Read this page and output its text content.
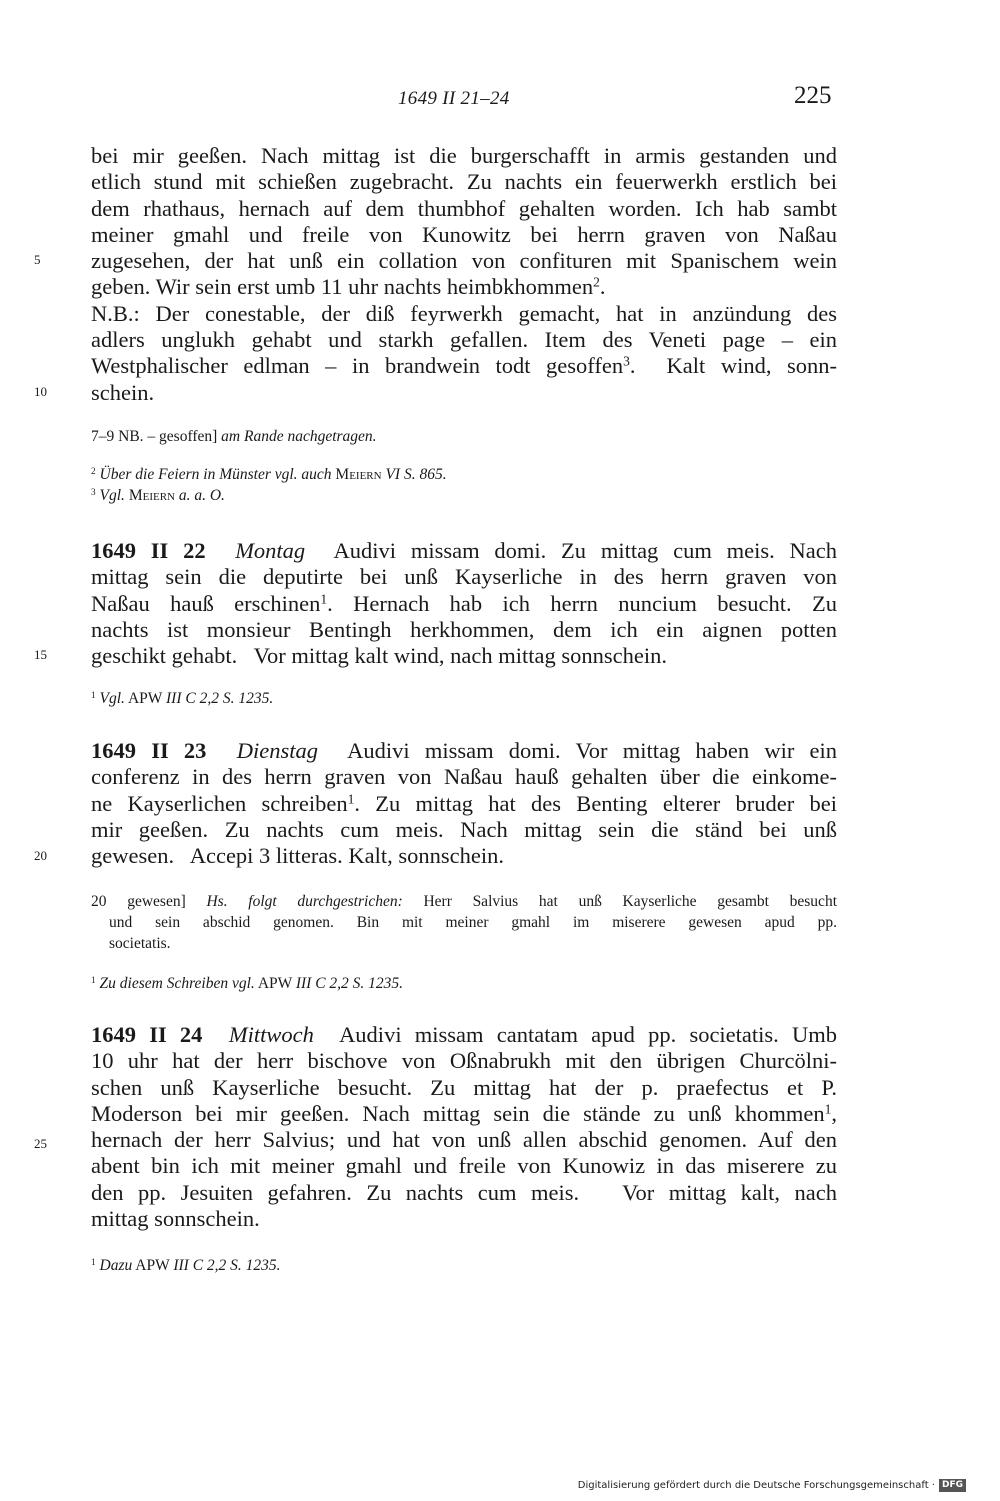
1649 II 21–24	225
bei mir geeßen. Nach mittag ist die burgerschafft in armis gestanden und
etlich stund mit schießen zugebracht. Zu nachts ein feuerwerkh erstlich bei
dem rhathaus, hernach auf dem thumbhof gehalten worden. Ich hab sambt
meiner gmahl und freile von Kunowitz bei herrn graven von Naßau
zugesehen, der hat unß ein collation von confituren mit Spanischem wein
geben. Wir sein erst umb 11 uhr nachts heimbkhommen$^2$.
N.B.: Der conestable, der diß feyrwerkh gemacht, hat in anzündung des
adlers unglukh gehabt und starkh gefallen. Item des Veneti page – ein
Westphalischer edlman – in brandwein todt gesoffen$^3$.  Kalt wind, sonn-
schein.
5
10
7–9 NB. – gesoffen] am Rande nachgetragen.
$^2$ Über die Feiern in Münster vgl. auch Meiern VI S. 865.
$^3$ Vgl. Meiern a. a. O.
1649 II 22 Montag Audivi missam domi. Zu mittag cum meis. Nach
mittag sein die deputirte bei unß Kayserliche in des herrn graven von
Naßau hauß erschinen$^1$. Hernach hab ich herrn nuncium besucht. Zu
nachts ist monsieur Bentingh herkhommen, dem ich ein aignen potten
geschikt gehabt.   Vor mittag kalt wind, nach mittag sonnschein.
15
$^1$ Vgl. APW III C 2,2 S. 1235.
1649 II 23 Dienstag Audivi missam domi. Vor mittag haben wir ein
conferenz in des herrn graven von Naßau hauß gehalten über die einkome-
ne Kayserlichen schreiben$^1$. Zu mittag hat des Benting elterer bruder bei
mir geeßen. Zu nachts cum meis. Nach mittag sein die ständ bei unß
gewesen.   Accepi 3 litteras. Kalt, sonnschein.
20
20 gewesen] Hs. folgt durchgestrichen: Herr Salvius hat unß Kayserliche gesambt besucht
und sein abschid genomen. Bin mit meiner gmahl im miserere gewesen apud pp.
societatis.
$^1$ Zu diesem Schreiben vgl. APW III C 2,2 S. 1235.
1649 II 24 Mittwoch Audivi missam cantatam apud pp. societatis. Umb
10 uhr hat der herr bischove von Oßnabrukh mit den übrigen Churcölni-
schen unß Kayserliche besucht. Zu mittag hat der p. praefectus et P.
Moderson bei mir geeßen. Nach mittag sein die stände zu unß khommen$^1$,
hernach der herr Salvius; und hat von unß allen abschid genomen. Auf den
abent bin ich mit meiner gmahl und freile von Kunowiz in das miserere zu
den pp. Jesuiten gefahren. Zu nachts cum meis.   Vor mittag kalt, nach
mittag sonnschein.
25
$^1$ Dazu APW III C 2,2 S. 1235.
Digitalisierung gefördert durch die Deutsche Forschungsgemeinschaft · DFG
